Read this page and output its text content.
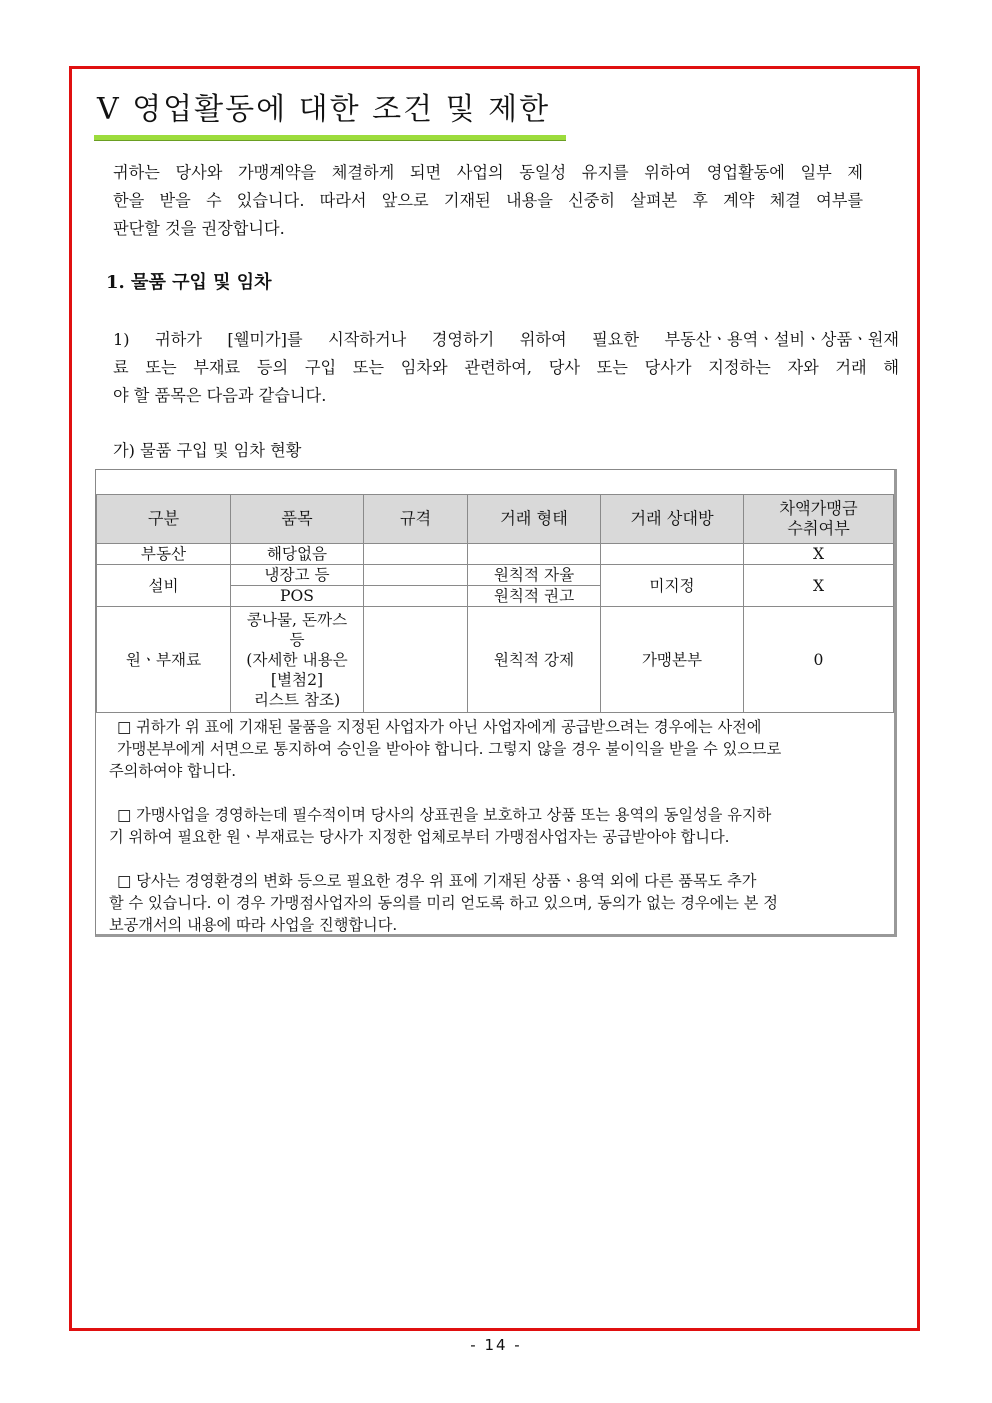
Ⅴ 영업활동에 대한 조건 및 제한
귀하는 당사와 가맹계약을 체결하게 되면 사업의 동일성 유지를 위하여 영업활동에 일부 제
한을 받을 수 있습니다. 따라서 앞으로 기재된 내용을 신중히 살펴본 후 계약 체결 여부를
판단할 것을 권장합니다.
1. 물품 구입 및 임차
1) 귀하가 [웰미가]를 시작하거나 경영하기 위하여 필요한 부동산ㆍ용역ㆍ설비ㆍ상품ㆍ원재
료 또는 부재료 등의 구입 또는 임차와 관련하여, 당사 또는 당사가 지정하는 자와 거래 해
야 할 품목은 다음과 같습니다.
가) 물품 구입 및 임차 현황
구분	품목	규격	거래 형태	거래 상대방	차액가맹금
수취여부

부동산	해당없음				X
설비	냉장고 등		원칙적 자율	미지정	X
	POS		원칙적 권고		
원ㆍ부재료	콩나물, 돈까스
등
(자세한 내용은
[별첨2]
리스트 참조)		원칙적 강제	가맹본부	0

□ 귀하가 위 표에 기재된 물품을 지정된 사업자가 아닌 사업자에게 공급받으려는 경우에는 사전에
가맹본부에게 서면으로 통지하여 승인을 받아야 합니다. 그렇지 않을 경우 불이익을 받을 수 있으므로
주의하여야 합니다.

□ 가맹사업을 경영하는데 필수적이며 당사의 상표권을 보호하고 상품 또는 용역의 동일성을 유지하
기 위하여 필요한 원ㆍ부재료는 당사가 지정한 업체로부터 가맹점사업자는 공급받아야 합니다.

□ 당사는 경영환경의 변화 등으로 필요한 경우 위 표에 기재된 상품ㆍ용역 외에 다른 품목도 추가
할 수 있습니다. 이 경우 가맹점사업자의 동의를 미리 얻도록 하고 있으며, 동의가 없는 경우에는 본 정
보공개서의 내용에 따라 사업을 진행합니다.

- 14 -
